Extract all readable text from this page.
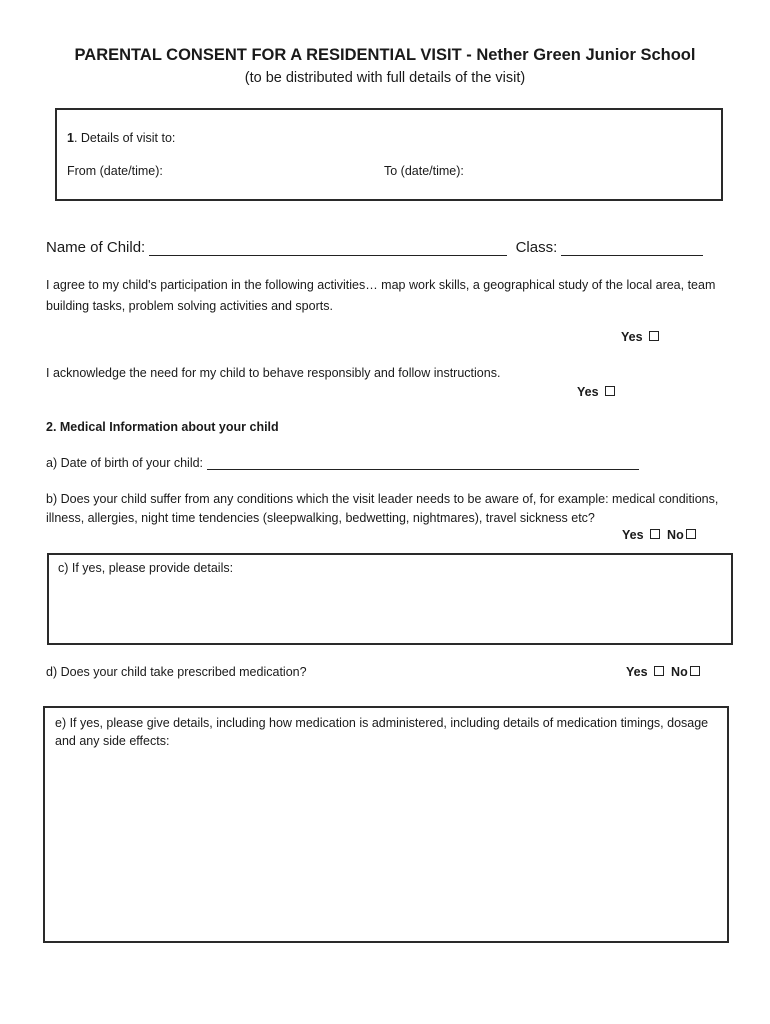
PARENTAL CONSENT FOR A RESIDENTIAL VISIT - Nether Green Junior School
(to be distributed with full details of the visit)
1. Details of visit to:
From (date/time):	To (date/time):
Name of Child:	Class:
I agree to my child's participation in the following activities… map work skills, a geographical study of the local area, team building tasks, problem solving activities and sports.
Yes
I acknowledge the need for my child to behave responsibly and follow instructions.
Yes
2. Medical Information about your child
a) Date of birth of your child:
b) Does your child suffer from any conditions which the visit leader needs to be aware of, for example: medical conditions, illness, allergies, night time tendencies (sleepwalking, bedwetting, nightmares), travel sickness etc?
Yes No
c) If yes, please provide details:
d) Does your child take prescribed medication?	Yes No
e) If yes, please give details, including how medication is administered, including details of medication timings, dosage and any side effects:
